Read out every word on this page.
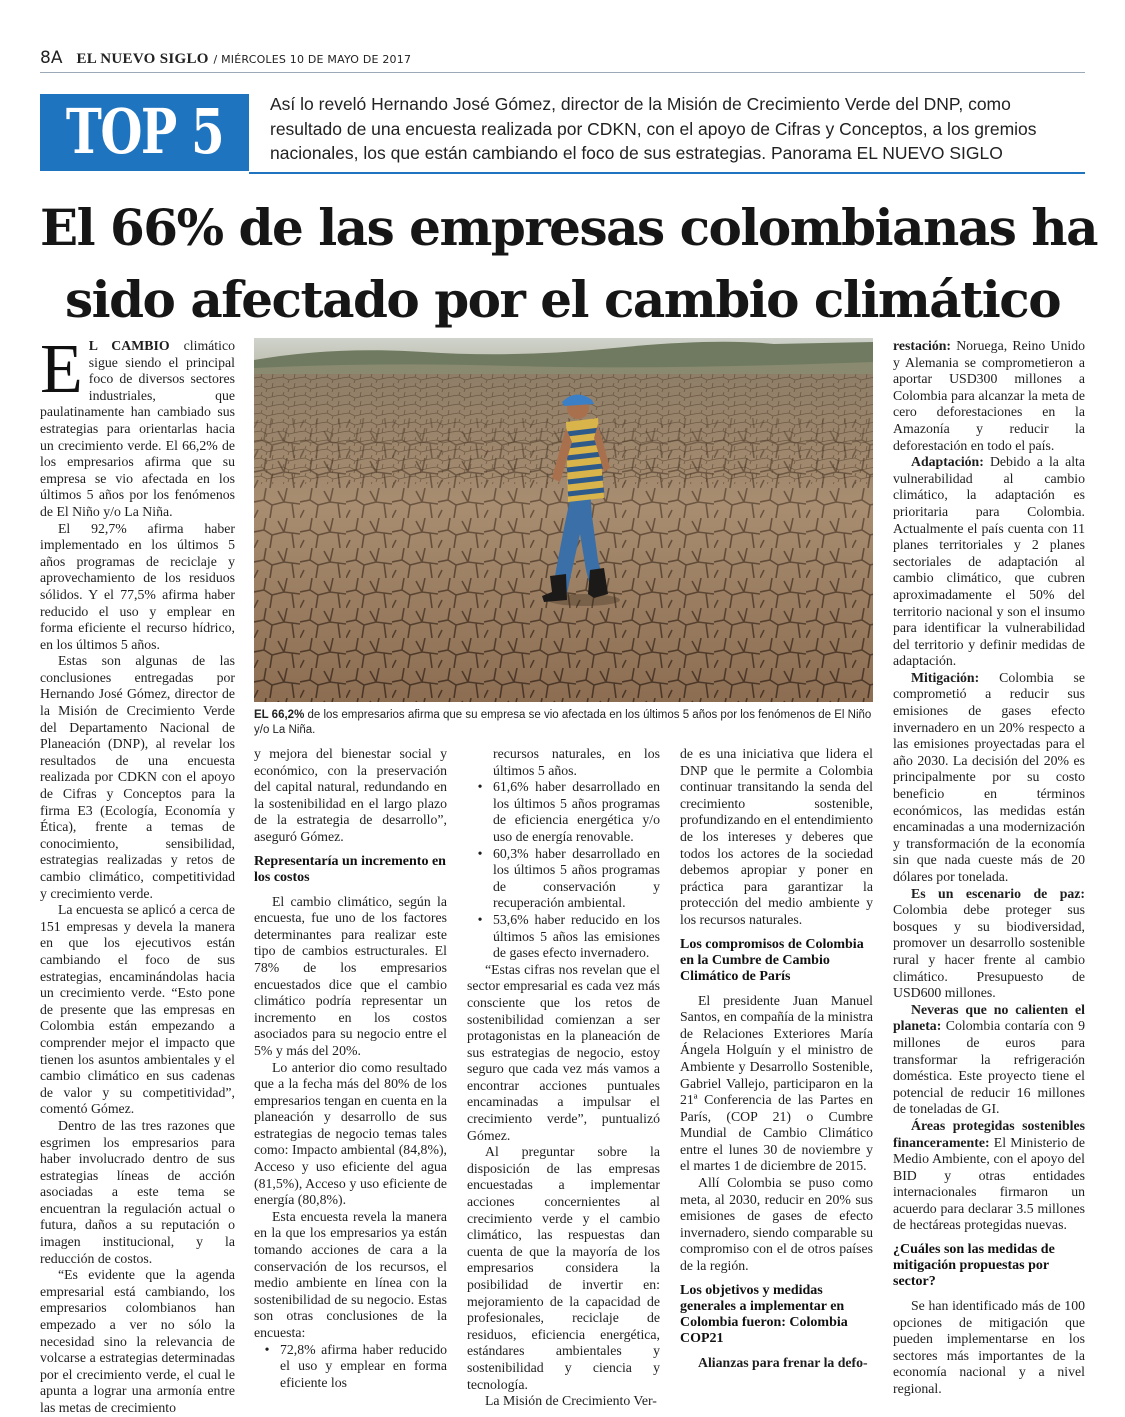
8A EL NUEVO SIGLO / MIÉRCOLES 10 DE MAYO DE 2017
TOP 5	Así lo reveló Hernando José Gómez, director de la Misión de Crecimiento Verde del DNP, como

resultado de una encuesta realizada por CDKN, con el apoyo de Cifras y Conceptos, a los gremios

nacionales, los que están cambiando el foco de sus estrategias. Panorama EL NUEVO SIGLO

El 66% de las empresas colombianas ha
sido afectado por el cambio climático

E L CAMBIO climático sigue siendo el principal foco de diversos sectores industriales, que paulatinamente han cambiado sus estrategias para orientarlas hacia un crecimiento verde. El 66,2% de los empresarios afirma que su empresa se vio afectada en los últimos 5 años por los fenómenos de El Niño y/o La Niña.

El 92,7% afirma haber implementado en los últimos 5 años programas de reciclaje y aprovechamiento de los residuos sólidos. Y el 77,5% afirma haber reducido el uso y emplear en forma eficiente el recurso hídrico, en los últimos 5 años.

Estas son algunas de las conclusiones entregadas por Hernando José Gómez, director de la Misión de Crecimiento Verde del Departamento Nacional de Planeación (DNP), al revelar los resultados de una encuesta realizada por CDKN con el apoyo de Cifras y Conceptos para la firma E3 (Ecología, Economía y Ética), frente a temas de conocimiento, sensibilidad, estrategias realizadas y retos de cambio climático, competitividad y crecimiento verde.

La encuesta se aplicó a cerca de 151 empresas y devela la manera en que los ejecutivos están cambiando el foco de sus estrategias, encaminándolas hacia un crecimiento verde. “Esto pone de presente que las empresas en Colombia están empezando a comprender mejor el impacto que tienen los asuntos ambientales y el cambio climático en sus cadenas de valor y su competitividad”, comentó Gómez.

Dentro de las tres razones que esgrimen los empresarios para haber involucrado dentro de sus estrategias líneas de acción asociadas a este tema se encuentran la regulación actual o futura, daños a su reputación o imagen institucional, y la reducción de costos.

“Es evidente que la agenda empresarial está cambiando, los empresarios colombianos han empezado a ver no sólo la necesidad sino la relevancia de volcarse a estrategias determinadas por el crecimiento verde, el cual le apunta a lograr una armonía entre las metas de crecimiento

EL 66,2% de los empresarios afirma que su empresa se vio afectada en los últimos 5 años por los fenómenos de El Niño y/o La Niña.

y mejora del bienestar social y económico, con la preservación del capital natural, redundando en la sostenibilidad en el largo plazo de la estrategia de desarrollo”, aseguró Gómez.

Representaría un incremento en los costos

El cambio climático, según la encuesta, fue uno de los factores determinantes para realizar este tipo de cambios estructurales. El 78% de los empresarios encuestados dice que el cambio climático podría representar un incremento en los costos asociados para su negocio entre el 5% y más del 20%.

Lo anterior dio como resultado que a la fecha más del 80% de los empresarios tengan en cuenta en la planeación y desarrollo de sus estrategias de negocio temas tales como: Impacto ambiental (84,8%), Acceso y uso eficiente del agua (81,5%), Acceso y uso eficiente de energía (80,8%).

Esta encuesta revela la manera en la que los empresarios ya están tomando acciones de cara a la conservación de los recursos, el medio ambiente en línea con la sostenibilidad de su negocio. Estas son otras conclusiones de la encuesta:

• 72,8% afirma haber reducido el uso y emplear en forma eficiente los
recursos naturales, en los últimos 5 años.
• 61,6% haber desarrollado en los últimos 5 años programas de eficiencia energética y/o uso de energía renovable.
• 60,3% haber desarrollado en los últimos 5 años programas de conservación y recuperación ambiental.
• 53,6% haber reducido en los últimos 5 años las emisiones de gases efecto invernadero.

“Estas cifras nos revelan que el sector empresarial es cada vez más consciente que los retos de sostenibilidad comienzan a ser protagonistas en la planeación de sus estrategias de negocio, estoy seguro que cada vez más vamos a encontrar acciones puntuales encaminadas a impulsar el crecimiento verde”, puntualizó Gómez.

Al preguntar sobre la disposición de las empresas encuestadas a implementar acciones concernientes al crecimiento verde y el cambio climático, las respuestas dan cuenta de que la mayoría de los empresarios considera la posibilidad de invertir en: mejoramiento de la capacidad de profesionales, reciclaje de residuos, eficiencia energética, estándares ambientales y sostenibilidad y ciencia y tecnología.

La Misión de Crecimiento Ver-

de es una iniciativa que lidera el DNP que le permite a Colombia continuar transitando la senda del crecimiento sostenible, profundizando en el entendimiento de los intereses y deberes que todos los actores de la sociedad debemos apropiar y poner en práctica para garantizar la protección del medio ambiente y los recursos naturales.

Los compromisos de Colombia en la Cumbre de Cambio Climático de París

El presidente Juan Manuel Santos, en compañía de la ministra de Relaciones Exteriores María Ángela Holguín y el ministro de Ambiente y Desarrollo Sostenible, Gabriel Vallejo, participaron en la 21ª Conferencia de las Partes en París, (COP 21) o Cumbre Mundial de Cambio Climático entre el lunes 30 de noviembre y el martes 1 de diciembre de 2015.

Allí Colombia se puso como meta, al 2030, reducir en 20% sus emisiones de gases de efecto invernadero, siendo comparable su compromiso con el de otros países de la región.

Los objetivos y medidas generales a implementar en Colombia fueron: Colombia COP21

Alianzas para frenar la defo-

restación: Noruega, Reino Unido y Alemania se comprometieron a aportar USD300 millones a Colombia para alcanzar la meta de cero deforestaciones en la Amazonía y reducir la deforestación en todo el país.

Adaptación: Debido a la alta vulnerabilidad al cambio climático, la adaptación es prioritaria para Colombia. Actualmente el país cuenta con 11 planes territoriales y 2 planes sectoriales de adaptación al cambio climático, que cubren aproximadamente el 50% del territorio nacional y son el insumo para identificar la vulnerabilidad del territorio y definir medidas de adaptación.

Mitigación: Colombia se comprometió a reducir sus emisiones de gases efecto invernadero en un 20% respecto a las emisiones proyectadas para el año 2030. La decisión del 20% es principalmente por su costo beneficio en términos económicos, las medidas están encaminadas a una modernización y transformación de la economía sin que nada cueste más de 20 dólares por tonelada.

Es un escenario de paz: Colombia debe proteger sus bosques y su biodiversidad, promover un desarrollo sostenible rural y hacer frente al cambio climático. Presupuesto de USD600 millones.

Neveras que no calienten el planeta: Colombia contaría con 9 millones de euros para transformar la refrigeración doméstica. Este proyecto tiene el potencial de reducir 16 millones de toneladas de GI.

Áreas protegidas sostenibles financeramente: El Ministerio de Medio Ambiente, con el apoyo del BID y otras entidades internacionales firmaron un acuerdo para declarar 3.5 millones de hectáreas protegidas nuevas.

¿Cuáles son las medidas de mitigación propuestas por sector?

Se han identificado más de 100 opciones de mitigación que pueden implementarse en los sectores más importantes de la economía nacional y a nivel regional.
